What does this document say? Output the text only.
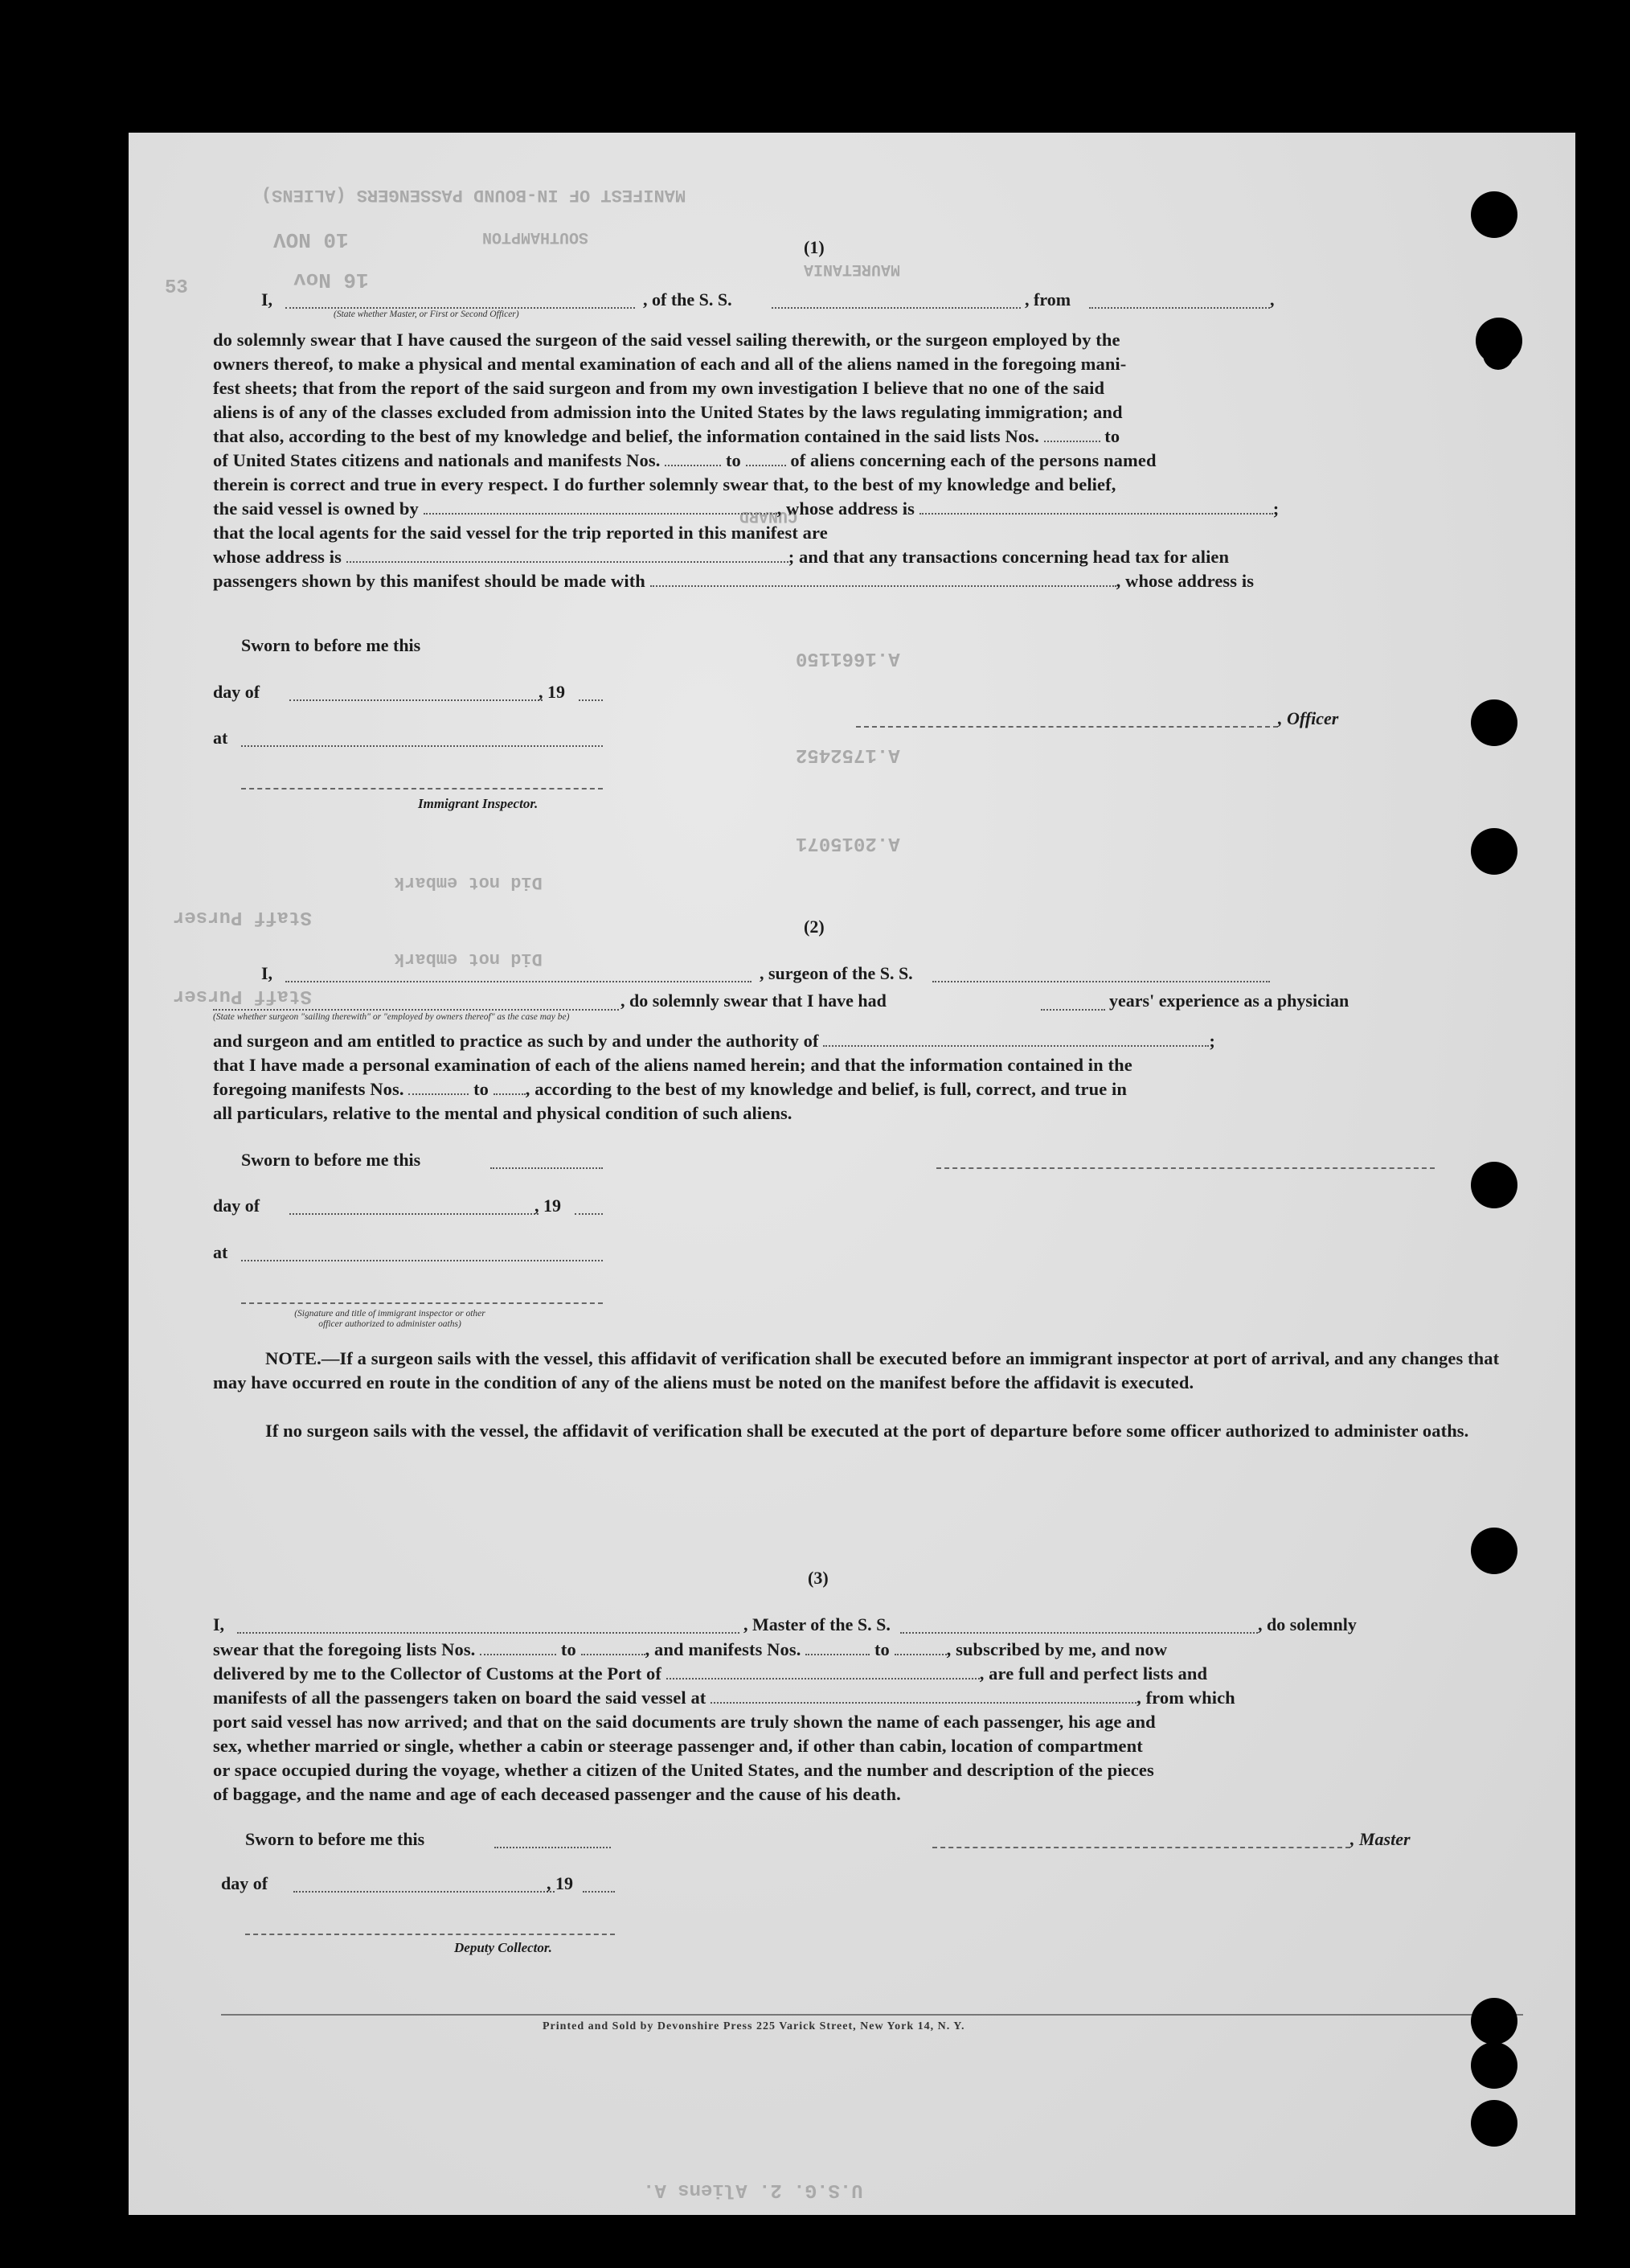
MANIFEST OF IN-BOUND PASSENGERS (ALIENS)
10 NOV	SOUTHAMPTON
16 Nov
53
MAURETANIA
CUNARD
A.1661150
A.1752452
A.2015071
Did not embark
Did not embark
Staff Purser
Staff Purser
U.S.G. 2. Aliens A.
(1)
I,	, of the S. S.	, from	,
(State whether Master, or First or Second Officer)
do solemnly swear that I have caused the surgeon of the said vessel sailing therewith, or the surgeon employed by the
owners thereof, to make a physical and mental examination of each and all of the aliens named in the foregoing mani-
fest sheets; that from the report of the said surgeon and from my own investigation I believe that no one of the said
aliens is of any of the classes excluded from admission into the United States by the laws regulating immigration; and
that also, according to the best of my knowledge and belief, the information contained in the said lists Nos.	to
of United States citizens and nationals and manifests Nos.	to	of aliens concerning each of the persons named
therein is correct and true in every respect. I do further solemnly swear that, to the best of my knowledge and belief,
the said vessel is owned by	, whose address is	;
that the local agents for the said vessel for the trip reported in this manifest are
whose address is	; and that any transactions concerning head tax for alien
passengers shown by this manifest should be made with	, whose address is
Sworn to before me this
day of	, 19
at
Immigrant Inspector.
, Officer
(2)
I,	, surgeon of the S. S.
, do solemnly swear that I have had	years' experience as a physician
(State whether surgeon "sailing therewith" or "employed by owners thereof" as the case may be)
and surgeon and am entitled to practice as such by and under the authority of	;
that I have made a personal examination of each of the aliens named herein; and that the information contained in the
foregoing manifests Nos.	to , according to the best of my knowledge and belief, is full, correct, and true in
all particulars, relative to the mental and physical condition of such aliens.
Sworn to before me this
day of	, 19
at
(Signature and title of immigrant inspector or other officer authorized to administer oaths)
NOTE.—If a surgeon sails with the vessel, this affidavit of verification shall be executed before an immigrant inspector at port of arrival, and any changes that may have occurred en route in the condition of any of the aliens must be noted on the manifest before the affidavit is executed.
If no surgeon sails with the vessel, the affidavit of verification shall be executed at the port of departure before some officer authorized to administer oaths.
(3)
I,	, Master of the S. S.	, do solemnly
swear that the foregoing lists Nos.	to	, and manifests Nos.	to	, subscribed by me, and now
delivered by me to the Collector of Customs at the Port of	, are full and perfect lists and
manifests of all the passengers taken on board the said vessel at	, from which
port said vessel has now arrived; and that on the said documents are truly shown the name of each passenger, his age and
sex, whether married or single, whether a cabin or steerage passenger and, if other than cabin, location of compartment
or space occupied during the voyage, whether a citizen of the United States, and the number and description of the pieces
of baggage, and the name and age of each deceased passenger and the cause of his death.
Sworn to before me this	, Master
day of	, 19
Deputy Collector.
Printed and Sold by Devonshire Press 225 Varick Street, New York 14, N. Y.
